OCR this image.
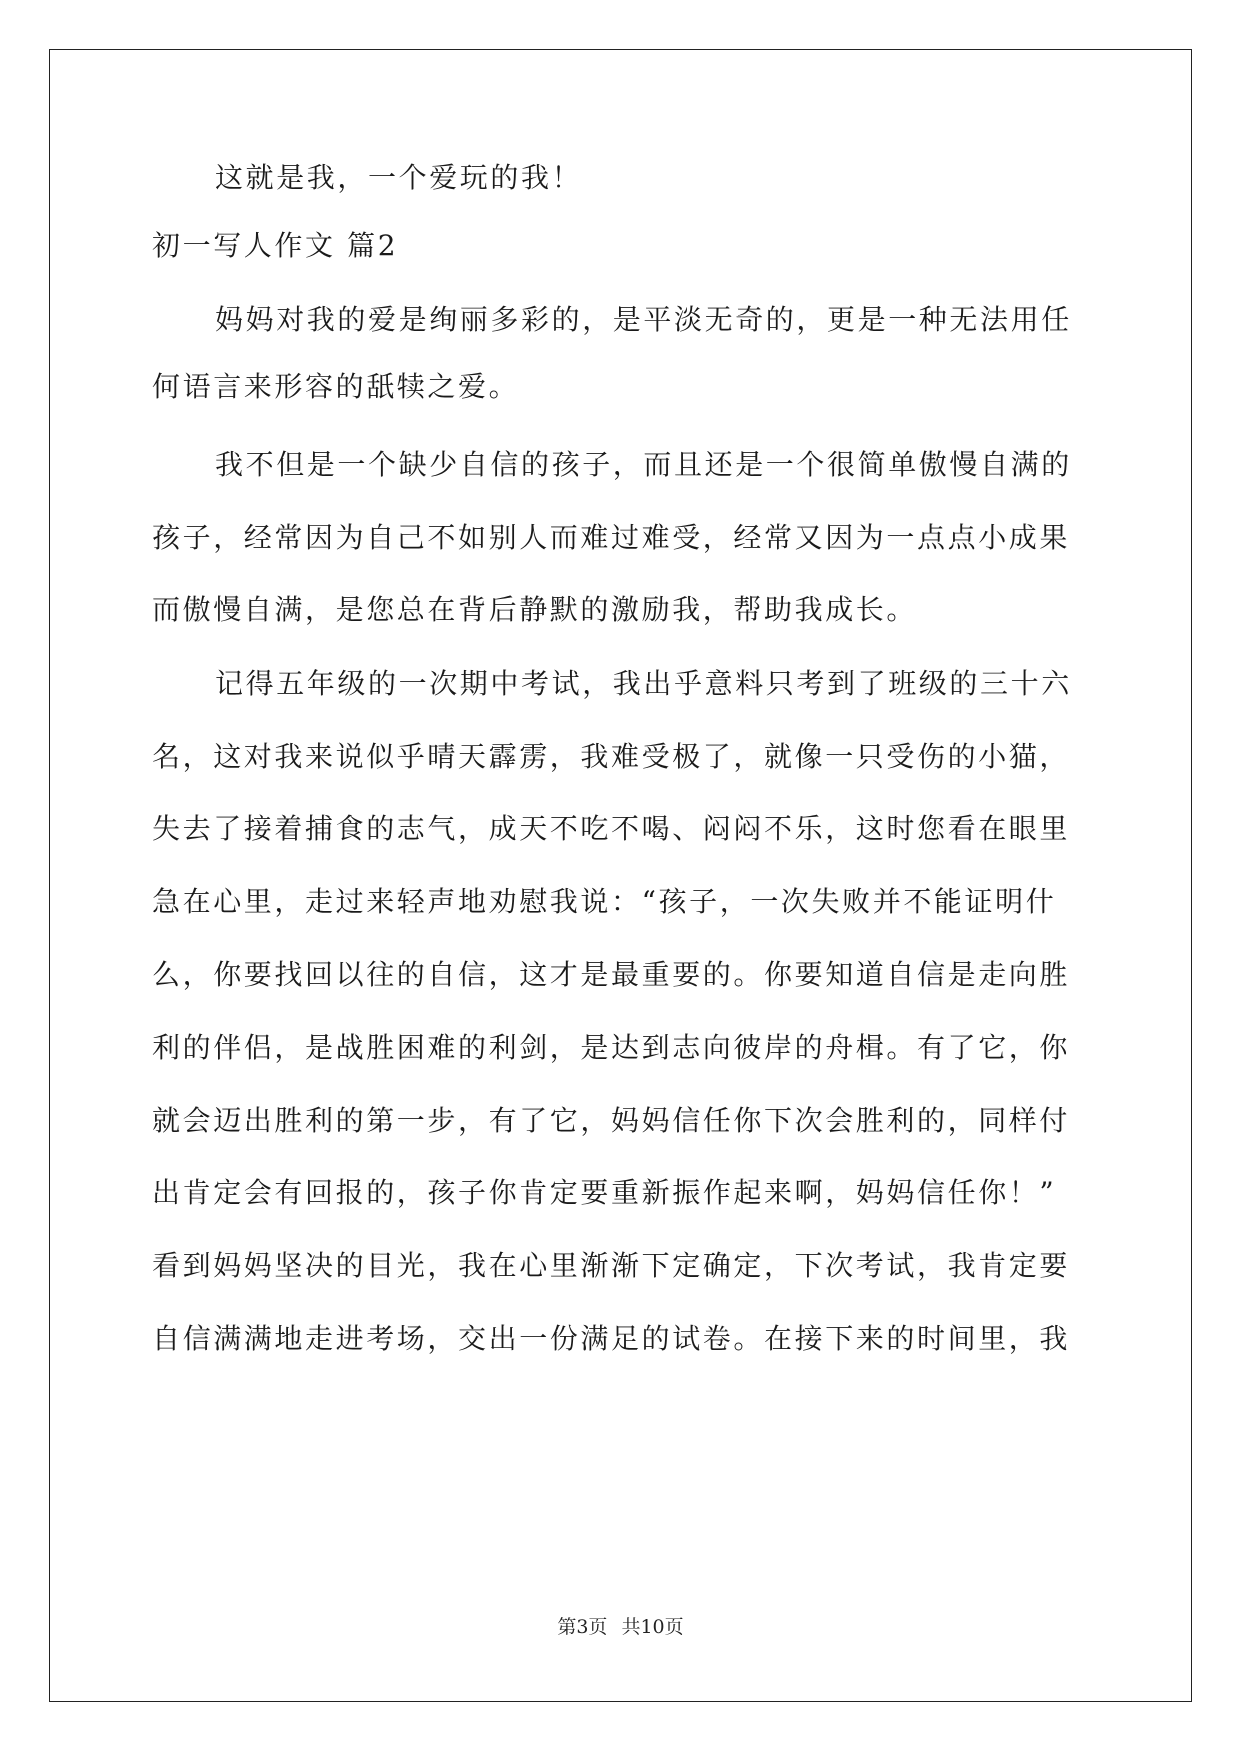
这就是我，一个爱玩的我！
初一写人作文 篇2
妈妈对我的爱是绚丽多彩的，是平淡无奇的，更是一种无法用任
何语言来形容的舐犊之爱。
我不但是一个缺少自信的孩子，而且还是一个很简单傲慢自满的
孩子，经常因为自己不如别人而难过难受，经常又因为一点点小成果
而傲慢自满，是您总在背后静默的激励我，帮助我成长。
记得五年级的一次期中考试，我出乎意料只考到了班级的三十六
名，这对我来说似乎晴天霹雳，我难受极了，就像一只受伤的小猫，
失去了接着捕食的志气，成天不吃不喝、闷闷不乐，这时您看在眼里
急在心里，走过来轻声地劝慰我说：“孩子，一次失败并不能证明什
么，你要找回以往的自信，这才是最重要的。你要知道自信是走向胜
利的伴侣，是战胜困难的利剑，是达到志向彼岸的舟楫。有了它，你
就会迈出胜利的第一步，有了它，妈妈信任你下次会胜利的，同样付
出肯定会有回报的，孩子你肯定要重新振作起来啊，妈妈信任你！”
看到妈妈坚决的目光，我在心里渐渐下定确定，下次考试，我肯定要
自信满满地走进考场，交出一份满足的试卷。在接下来的时间里，我
第3页 共10页
